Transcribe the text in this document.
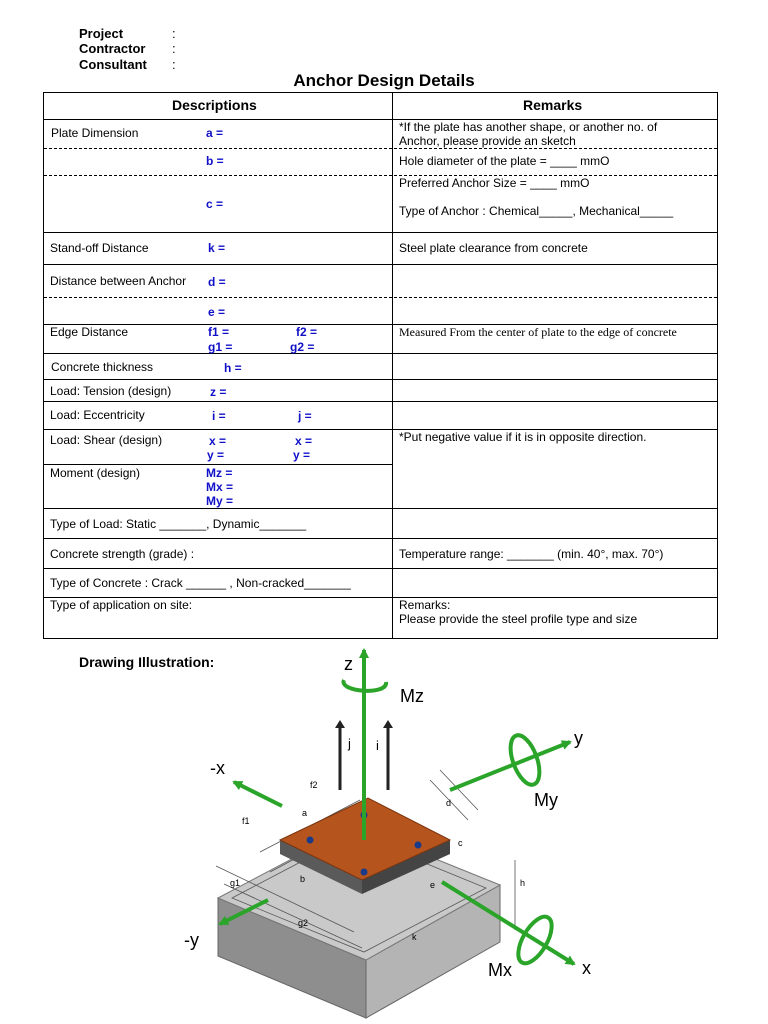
Project	:
Contractor :
Consultant :
Anchor Design Details
Descriptions	Remarks
Plate Dimension	a =	*If the plate has another shape, or another no. of
Anchor, please provide an sketch
b =	Hole diameter of the plate = ____ mmO
c =
Preferred Anchor Size = ____ mmO
Type of Anchor : Chemical_____, Mechanical_____
Stand-off Distance	k =	Steel plate clearance from concrete
Distance between Anchor d =
e =
Edge Distance	f1 =	f2 =
g1 =	g2 =
Measured From the center of plate to the edge of concrete
Concrete thickness	h =
Load: Tension (design)	z =
Load: Eccentricity	i =	j =
Load: Shear (design)	x =	x =
y =	y =
*Put negative value if it is in opposite direction.
Moment (design)	Mz =
Mx =
My =
Type of Load: Static _______, Dynamic_______
Concrete strength (grade) :	Temperature range: _______ (min. 40°, max. 70°)
Type of Concrete : Crack ______ , Non-cracked_______
Type of application on site:	Remarks:
Please provide the steel profile type and size
Drawing Illustration:	z
Mz
y
My
-x
-y
Mx	x
j i
f1
f2
a
d
c
b
g1
g2
e	h
k
